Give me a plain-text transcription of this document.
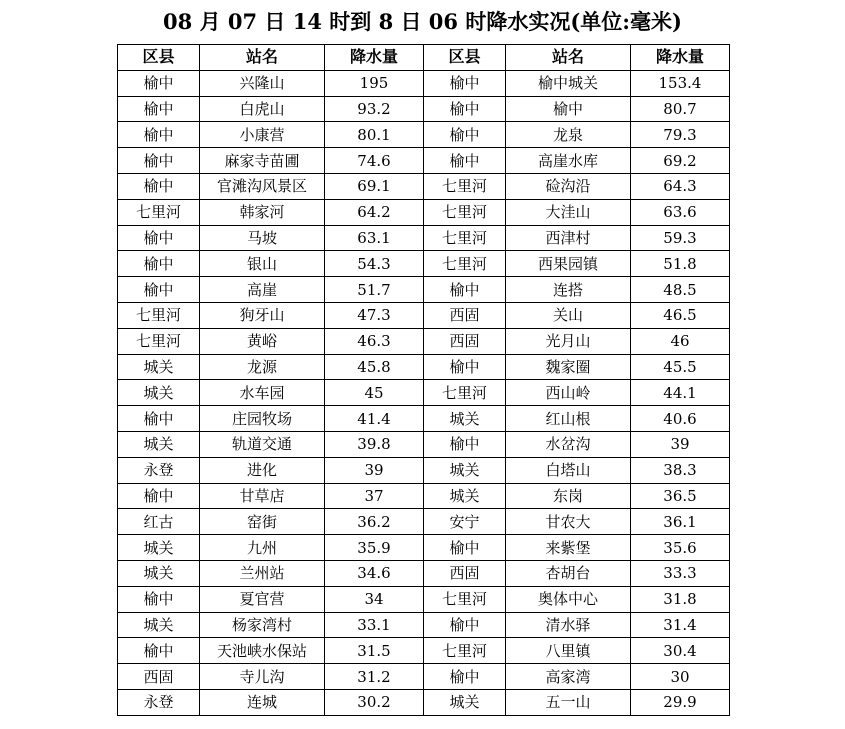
08 月 07 日 14 时到 8 日 06 时降水实况(单位:毫米)
区县	站名	降水量	区县	站名	降水量
榆中	兴隆山	195	榆中	榆中城关	153.4
榆中	白虎山	93.2	榆中	榆中	80.7
榆中	小康营	80.1	榆中	龙泉	79.3
榆中	麻家寺苗圃	74.6	榆中	高崖水库	69.2
榆中	官滩沟风景区	69.1	七里河	硷沟沿	64.3
七里河	韩家河	64.2	七里河	大洼山	63.6
榆中	马坡	63.1	七里河	西津村	59.3
榆中	银山	54.3	七里河	西果园镇	51.8
榆中	高崖	51.7	榆中	连搭	48.5
七里河	狗牙山	47.3	西固	关山	46.5
七里河	黄峪	46.3	西固	光月山	46
城关	龙源	45.8	榆中	魏家圈	45.5
城关	水车园	45	七里河	西山岭	44.1
榆中	庄园牧场	41.4	城关	红山根	40.6
城关	轨道交通	39.8	榆中	水岔沟	39
永登	进化	39	城关	白塔山	38.3
榆中	甘草店	37	城关	东岗	36.5
红古	窑街	36.2	安宁	甘农大	36.1
城关	九州	35.9	榆中	来紫堡	35.6
城关	兰州站	34.6	西固	杏胡台	33.3
榆中	夏官营	34	七里河	奥体中心	31.8
城关	杨家湾村	33.1	榆中	清水驿	31.4
榆中	天池峡水保站	31.5	七里河	八里镇	30.4
西固	寺儿沟	31.2	榆中	高家湾	30
永登	连城	30.2	城关	五一山	29.9
